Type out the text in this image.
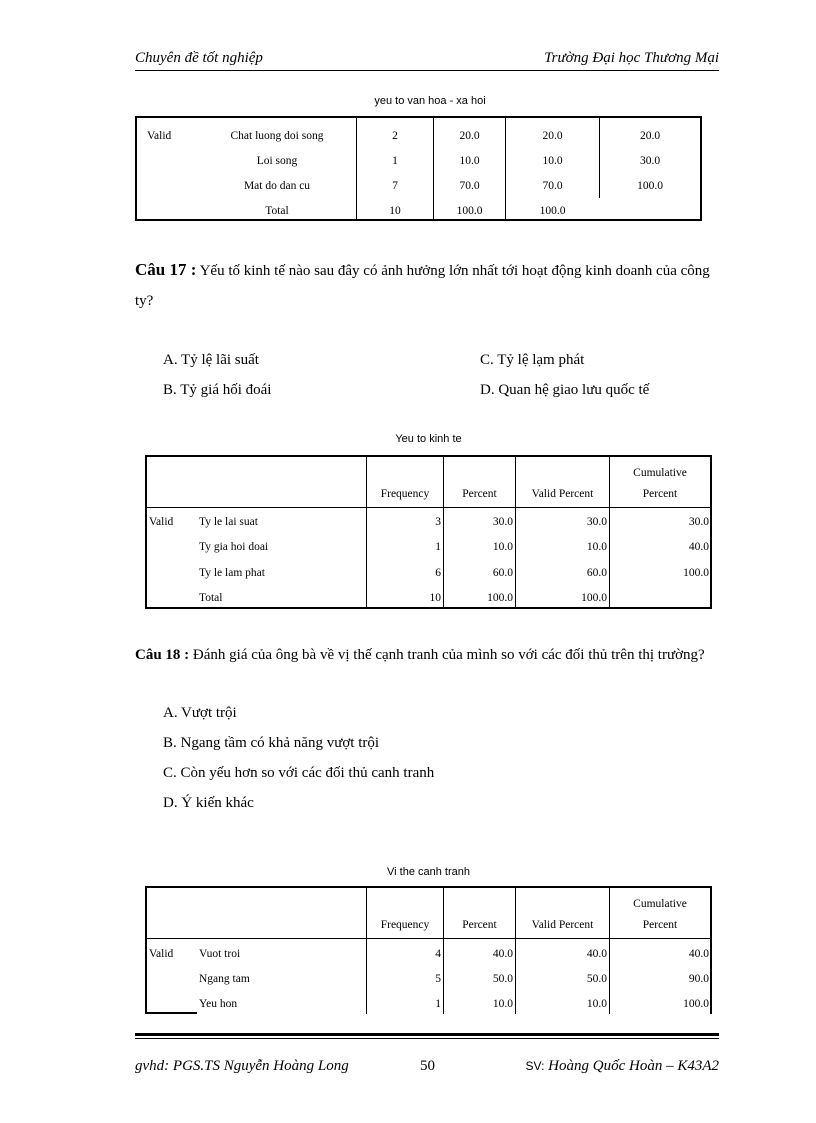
Chuyên đề tốt nghiệp	Trường Đại học Thương Mại
yeu to van hoa - xa hoi
Valid	Chat luong doi song	2	20.0	20.0	20.0
Loi song	1	10.0	10.0	30.0
Mat do dan cu	7	70.0	70.0	100.0
Total	10	100.0	100.0
Câu 17 : Yếu tố kinh tế nào sau đây có ảnh hưởng lớn nhất tới hoạt động kinh doanh của công ty?
A. Tỷ lệ lãi suất	C. Tỷ lệ lạm phát
B. Tỷ giá hối đoái	D. Quan hệ giao lưu quốc tế
Yeu to kinh te
Frequency	Percent	Valid Percent
Cumulative
Percent
Valid Ty le lai suat	3	30.0	30.0	30.0
Ty gia hoi doai	1	10.0	10.0	40.0
Ty le lam phat	6	60.0	60.0	100.0
Total	10	100.0	100.0
Câu 18 : Đánh giá của ông bà về vị thế cạnh tranh của mình so với các đối thủ trên thị trường?
A. Vượt trội
B. Ngang tầm có khả năng vượt trội
C. Còn yếu hơn so với các đối thủ canh tranh
D. Ý kiến khác
Vi the canh tranh
Frequency	Percent	Valid Percent
Cumulative
Percent
Valid Vuot troi	4	40.0	40.0	40.0
Ngang tam	5	50.0	50.0	90.0
Yeu hon	1	10.0	10.0	100.0
gvhd: PGS.TS Nguyễn Hoàng Long	50	SV: Hoàng Quốc Hoàn – K43A2
